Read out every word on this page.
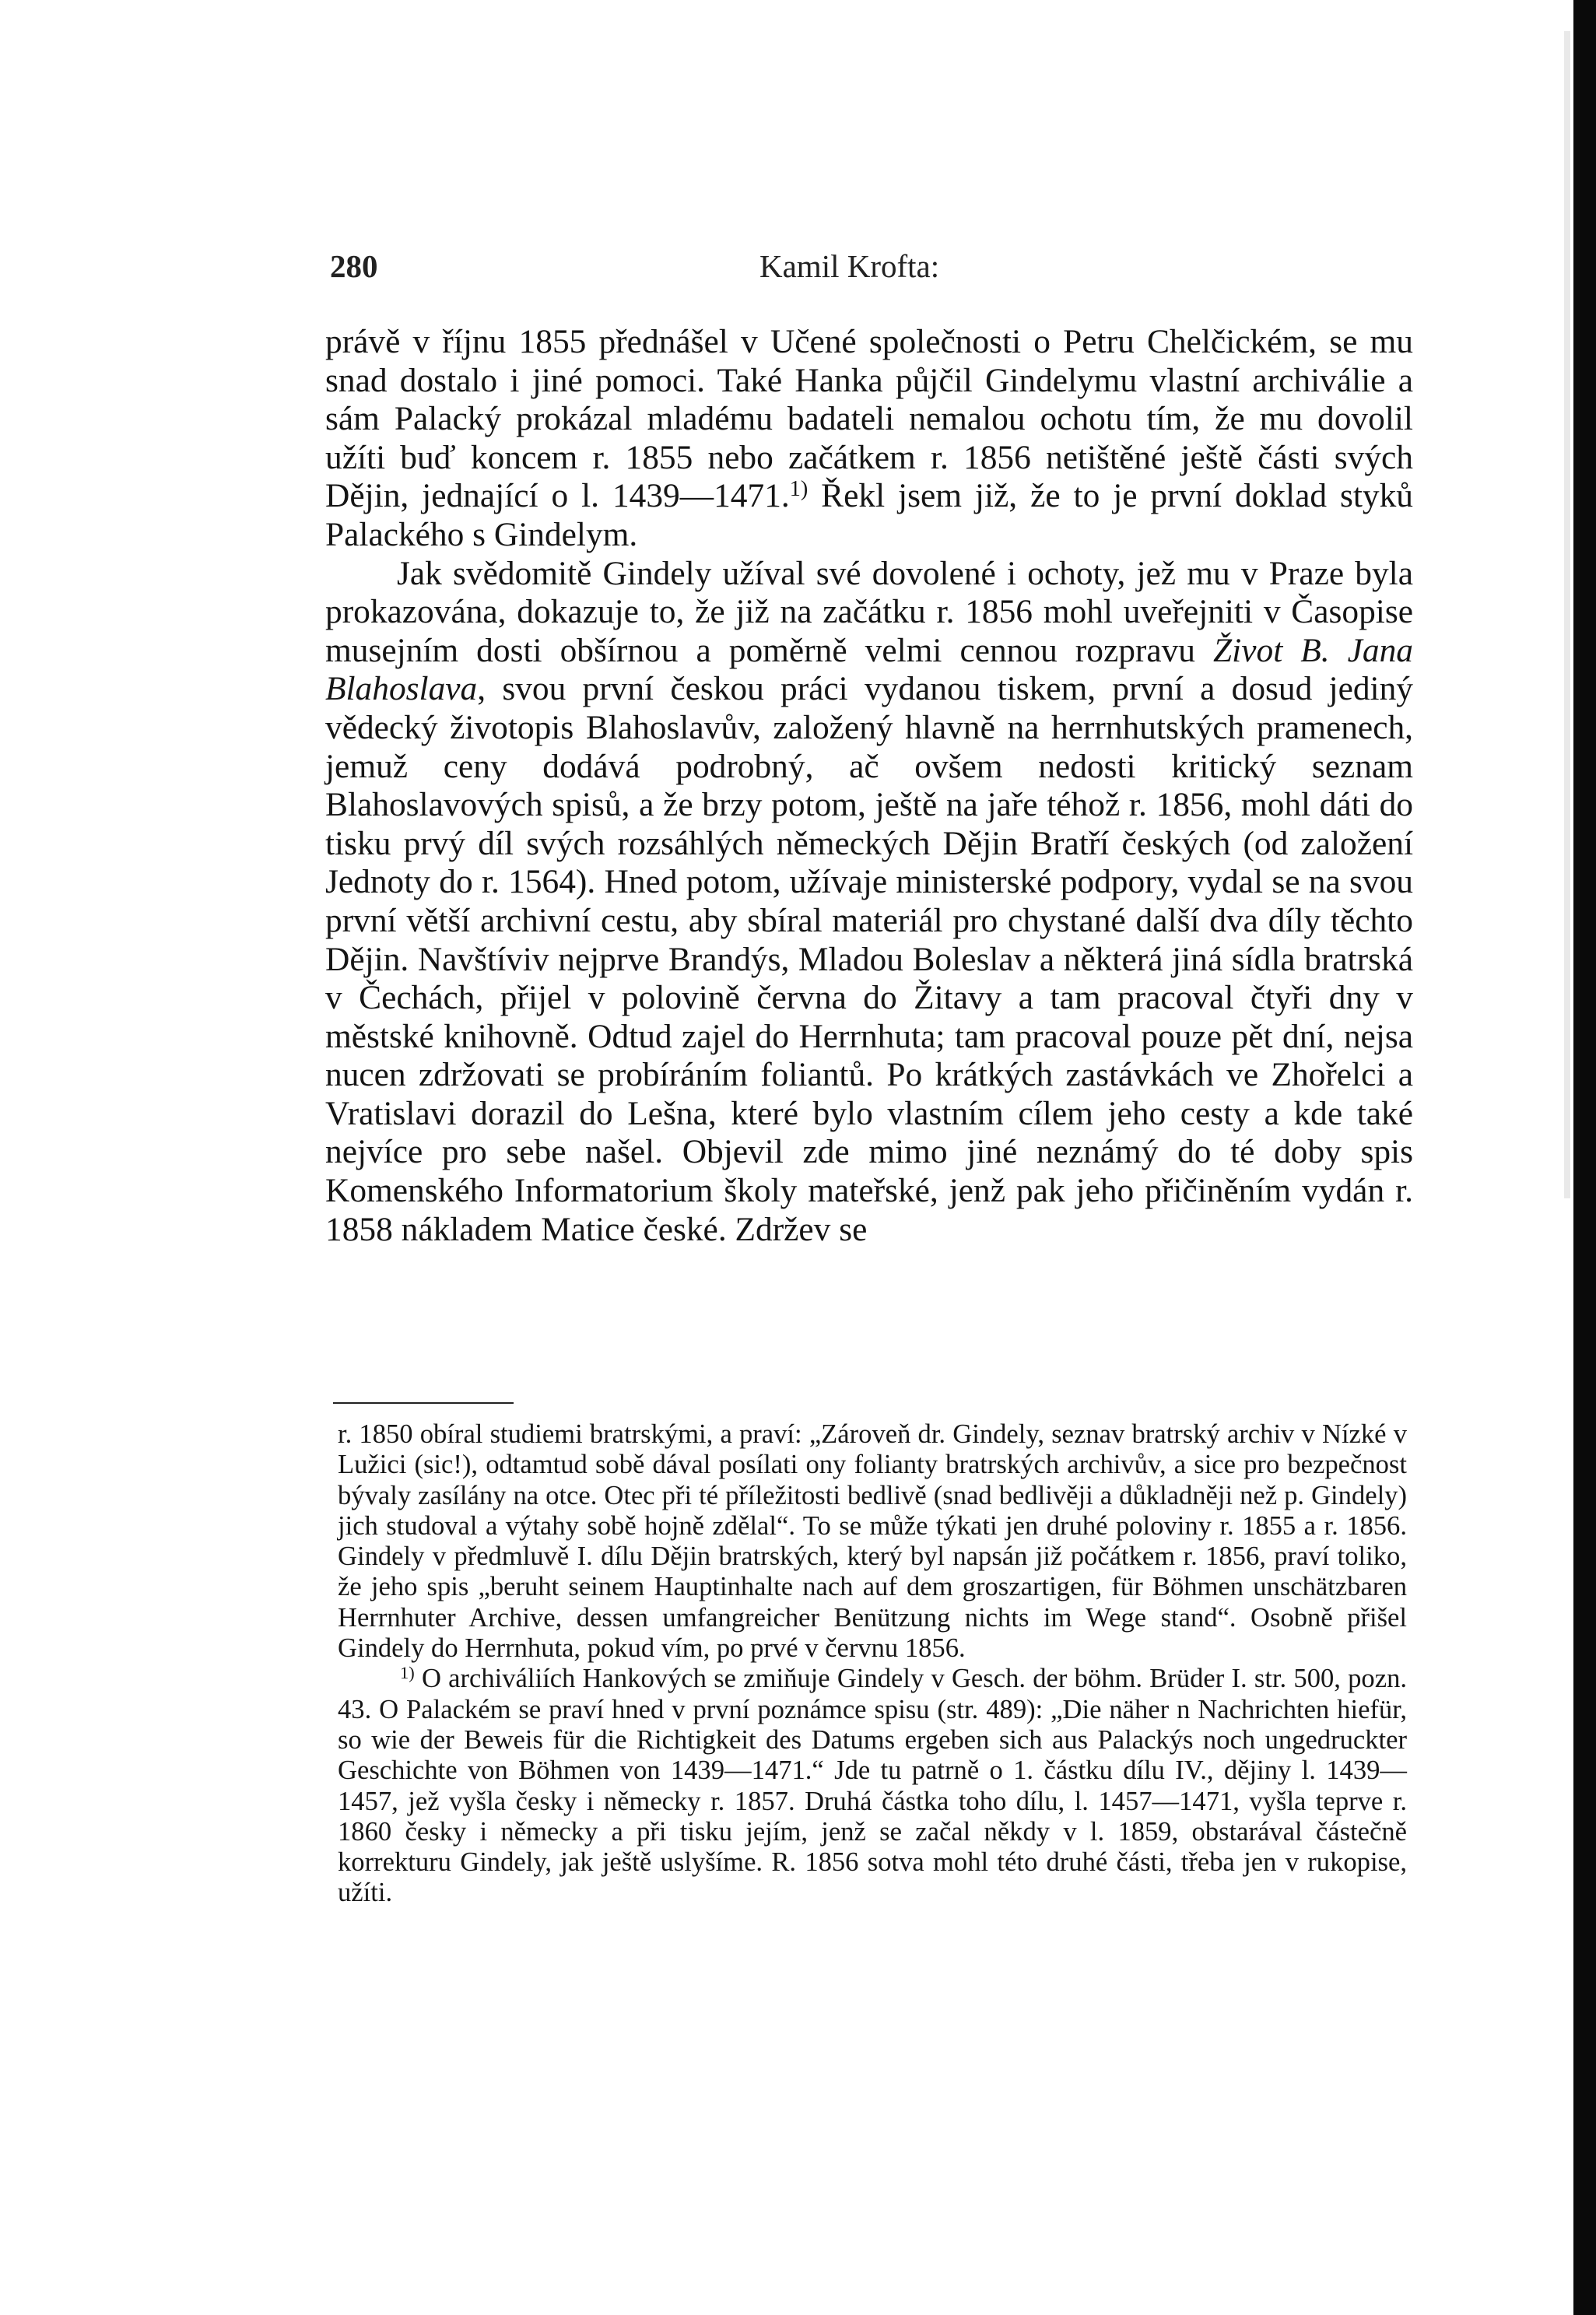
280	Kamil Krofta:

právě v říjnu 1855 přednášel v Učené společnosti o Petru Chelčickém, se mu snad dostalo i jiné pomoci. Také Hanka půjčil Gindelymu vlastní archiválie a sám Palacký prokázal mladému badateli nemalou ochotu tím, že mu dovolil užíti buď koncem r. 1855 nebo začátkem r. 1856 netištěné ještě části svých Dějin, jednající o l. 1439—1471.$^{1)}$ Řekl jsem již, že to je první doklad styků Palackého s Gindelym.

Jak svědomitě Gindely užíval své dovolené i ochoty, jež mu v Praze byla prokazována, dokazuje to, že již na začátku r. 1856 mohl uveřejniti v Časopise musejním dosti obšírnou a poměrně velmi cennou rozpravu Život B. Jana Blahoslava, svou první českou práci vydanou tiskem, první a dosud jediný vědecký životopis Blahoslavův, založený hlavně na herrnhutských pramenech, jemuž ceny dodává podrobný, ač ovšem nedosti kritický seznam Blahoslavových spisů, a že brzy potom, ještě na jaře téhož r. 1856, mohl dáti do tisku prvý díl svých rozsáhlých německých Dějin Bratří českých (od založení Jednoty do r. 1564). Hned potom, užívaje ministerské podpory, vydal se na svou první větší archivní cestu, aby sbíral materiál pro chystané další dva díly těchto Dějin. Navštíviv nejprve Brandýs, Mladou Boleslav a některá jiná sídla bratrská v Čechách, přijel v polovině června do Žitavy a tam pracoval čtyři dny v městské knihovně. Odtud zajel do Herrnhuta; tam pracoval pouze pět dní, nejsa nucen zdržovati se probíráním foliantů. Po krátkých zastávkách ve Zhořelci a Vratislavi dorazil do Lešna, které bylo vlastním cílem jeho cesty a kde také nejvíce pro sebe našel. Objevil zde mimo jiné neznámý do té doby spis Komenského Informatorium školy mateřské, jenž pak jeho přičiněním vydán r. 1858 nákladem Matice české. Zdržev se

r. 1850 obíral studiemi bratrskými, a praví: „Zároveň dr. Gindely, seznav bratrský archiv v Nízké v Lužici (sic!), odtamtud sobě dával posílati ony folianty bratrských archivův, a sice pro bezpečnost bývaly zasílány na otce. Otec při té příležitosti bedlivě (snad bedlivěji a důkladněji než p. Gindely) jich studoval a výtahy sobě hojně zdělal“. To se může týkati jen druhé poloviny r. 1855 a r. 1856. Gindely v předmluvě I. dílu Dějin bratrských, který byl napsán již počátkem r. 1856, praví toliko, že jeho spis „beruht seinem Hauptinhalte nach auf dem groszartigen, für Böhmen unschätzbaren Herrnhuter Archive, dessen umfangreicher Benützung nichts im Wege stand“. Osobně přišel Gindely do Herrnhuta, pokud vím, po prvé v červnu 1856.

$^{1)}$ O archiváliích Hankových se zmiňuje Gindely v Gesch. der böhm. Brüder I. str. 500, pozn. 43. O Palackém se praví hned v první poznámce spisu (str. 489): „Die näher n Nachrichten hiefür, so wie der Beweis für die Richtigkeit des Datums ergeben sich aus Palackýs noch ungedruckter Geschichte von Böhmen von 1439—1471.“ Jde tu patrně o 1. částku dílu IV., dějiny l. 1439—1457, jež vyšla česky i německy r. 1857. Druhá částka toho dílu, l. 1457—1471, vyšla teprve r. 1860 česky i německy a při tisku jejím, jenž se začal někdy v l. 1859, obstarával částečně korrekturu Gindely, jak ještě uslyšíme. R. 1856 sotva mohl této druhé části, třeba jen v rukopise, užíti.
